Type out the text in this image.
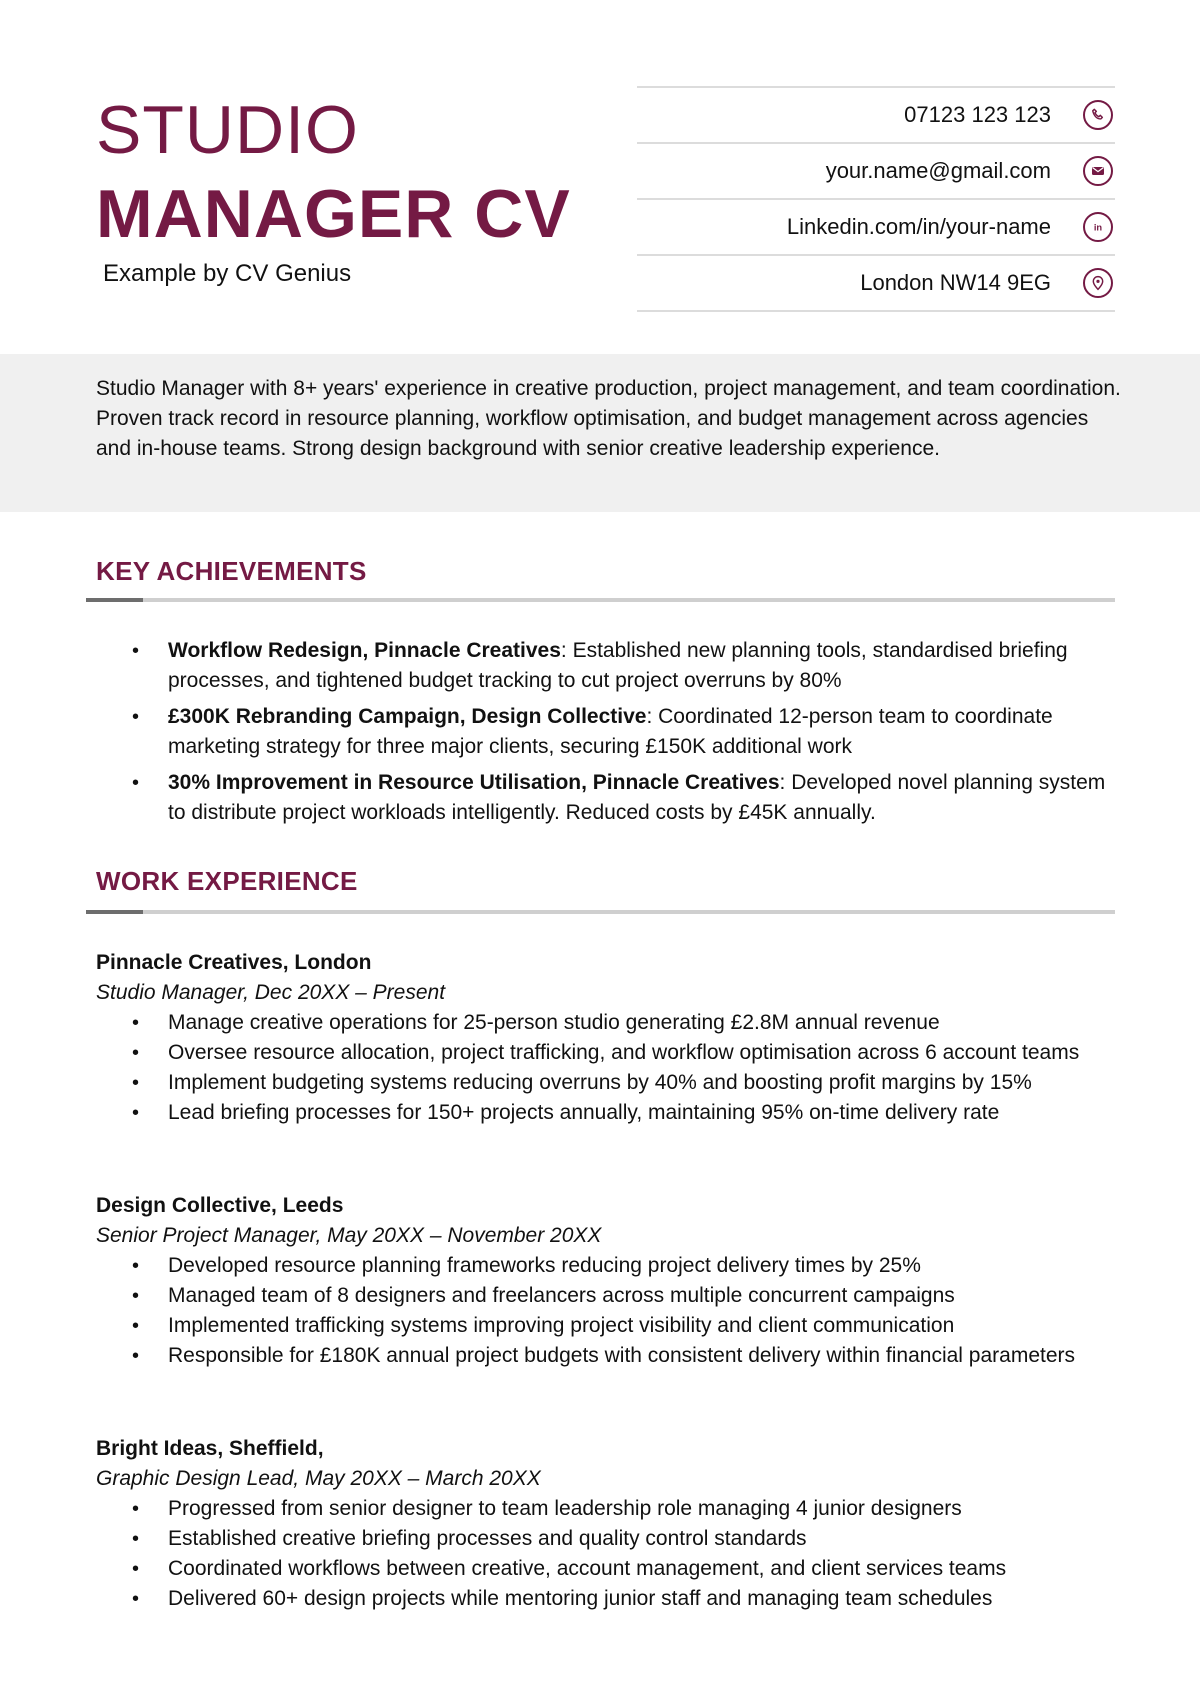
STUDIO
MANAGER CV
Example by CV Genius
07123 123 123
your.name@gmail.com
Linkedin.com/in/your-name	in
London NW14 9EG

Studio Manager with 8+ years' experience in creative production, project management, and team coordination. Proven track record in resource planning, workflow optimisation, and budget management across agencies and in-house teams. Strong design background with senior creative leadership experience.

KEY ACHIEVEMENTS
• Workflow Redesign, Pinnacle Creatives: Established new planning tools, standardised briefing processes, and tightened budget tracking to cut project overruns by 80%
• £300K Rebranding Campaign, Design Collective: Coordinated 12-person team to coordinate marketing strategy for three major clients, securing £150K additional work
• 30% Improvement in Resource Utilisation, Pinnacle Creatives: Developed novel planning system to distribute project workloads intelligently. Reduced costs by £45K annually.
WORK EXPERIENCE
Pinnacle Creatives, London
Studio Manager, Dec 20XX – Present
• Manage creative operations for 25-person studio generating £2.8M annual revenue
• Oversee resource allocation, project trafficking, and workflow optimisation across 6 account teams
• Implement budgeting systems reducing overruns by 40% and boosting profit margins by 15%
• Lead briefing processes for 150+ projects annually, maintaining 95% on-time delivery rate
Design Collective, Leeds
Senior Project Manager, May 20XX – November 20XX
• Developed resource planning frameworks reducing project delivery times by 25%
• Managed team of 8 designers and freelancers across multiple concurrent campaigns
• Implemented trafficking systems improving project visibility and client communication
• Responsible for £180K annual project budgets with consistent delivery within financial parameters
Bright Ideas, Sheffield,
Graphic Design Lead, May 20XX – March 20XX
• Progressed from senior designer to team leadership role managing 4 junior designers
• Established creative briefing processes and quality control standards
• Coordinated workflows between creative, account management, and client services teams
• Delivered 60+ design projects while mentoring junior staff and managing team schedules
